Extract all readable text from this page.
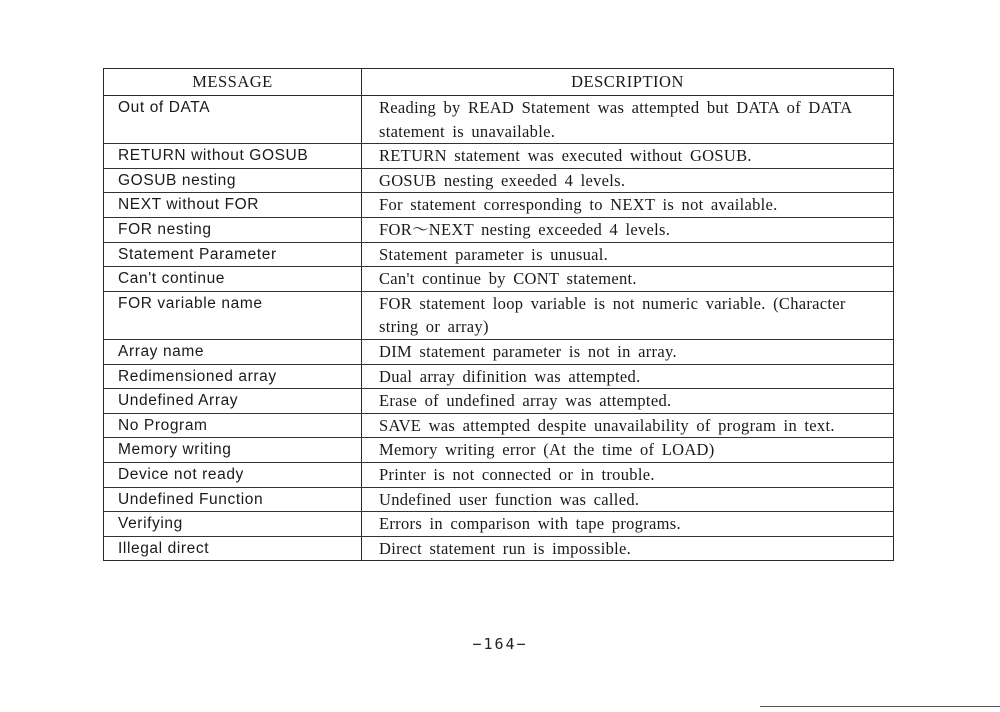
MESSAGE	DESCRIPTION
Out of DATA	Reading by READ Statement was attempted but DATA of DATA statement is unavailable.
RETURN without GOSUB	RETURN statement was executed without GOSUB.
GOSUB nesting	GOSUB nesting exeeded 4 levels.
NEXT without FOR	For statement corresponding to NEXT is not available.
FOR nesting	FOR〜NEXT nesting exceeded 4 levels.
Statement Parameter	Statement parameter is unusual.
Can't continue	Can't continue by CONT statement.
FOR variable name	FOR statement loop variable is not numeric variable. (Character string or array)
Array name	DIM statement parameter is not in array.
Redimensioned array	Dual array difinition was attempted.
Undefined Array	Erase of undefined array was attempted.
No Program	SAVE was attempted despite unavailability of program in text.
Memory writing	Memory writing error (At the time of LOAD)
Device not ready	Printer is not connected or in trouble.
Undefined Function	Undefined user function was called.
Verifying	Errors in comparison with tape programs.
Illegal direct	Direct statement run is impossible.
−164−
